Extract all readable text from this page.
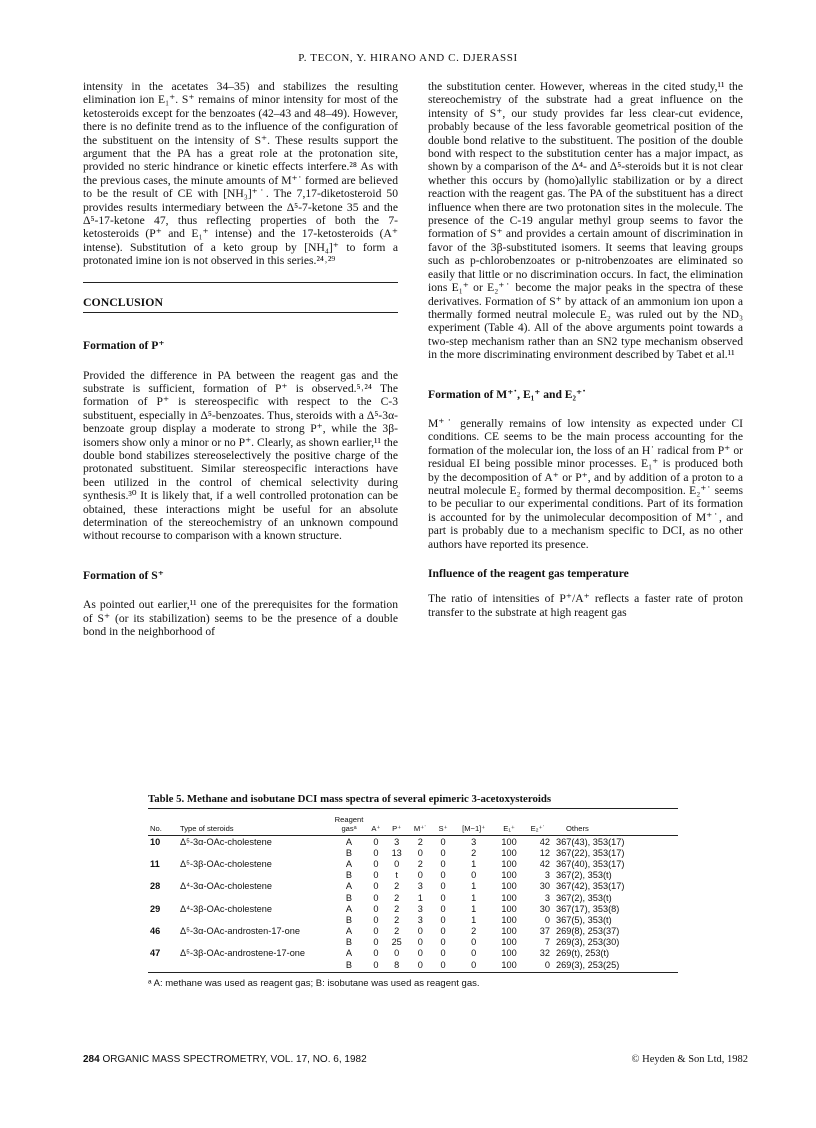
P. TECON, Y. HIRANO AND C. DJERASSI

intensity in the acetates 34–35) and stabilizes the resulting elimination ion E₁⁺. S⁺ remains of minor intensity for most of the ketosteroids except for the benzoates (42–43 and 48–49). However, there is no definite trend as to the influence of the configuration of the substituent on the intensity of S⁺. These results support the argument that the PA has a great role at the protonation site, provided no steric hindrance or kinetic effects interfere.²⁸ As with the previous cases, the minute amounts of M⁺˙ formed are believed to be the result of CE with [NH₃]⁺˙. The 7,17-diketosteroid 50 provides results intermediary between the Δ⁵-7-ketone 35 and the Δ⁵-17-ketone 47, thus reflecting properties of both the 7-ketosteroids (P⁺ and E₁⁺ intense) and the 17-ketosteroids (A⁺ intense). Substitution of a keto group by [NH₄]⁺ to form a protonated imine ion is not observed in this series.²⁴˒²⁹

CONCLUSION
Formation of P⁺

Provided the difference in PA between the reagent gas and the substrate is sufficient, formation of P⁺ is observed.⁵˒²⁴ The formation of P⁺ is stereospecific with respect to the C-3 substituent, especially in Δ⁵-benzoates. Thus, steroids with a Δ⁵-3α-benzoate group display a moderate to strong P⁺, while the 3β-isomers show only a minor or no P⁺. Clearly, as shown earlier,¹¹ the double bond stabilizes stereoselectively the positive charge of the protonated substituent. Similar stereospecific interactions have been utilized in the control of chemical selectivity during synthesis.³⁰ It is likely that, if a well controlled protonation can be obtained, these interactions might be useful for an absolute determination of the stereochemistry of an unknown compound without recourse to comparison with a known structure.

Formation of S⁺

As pointed out earlier,¹¹ one of the prerequisites for the formation of S⁺ (or its stabilization) seems to be the presence of a double bond in the neighborhood of

the substitution center. However, whereas in the cited study,¹¹ the stereochemistry of the substrate had a great influence on the intensity of S⁺, our study provides far less clear-cut evidence, probably because of the less favorable geometrical position of the double bond relative to the substituent. The position of the double bond with respect to the substitution center has a major impact, as shown by a comparison of the Δ⁴- and Δ⁵-steroids but it is not clear whether this occurs by (homo)allylic stabilization or by a direct reaction with the reagent gas. The PA of the substituent has a direct influence when there are two protonation sites in the molecule. The presence of the C-19 angular methyl group seems to favor the formation of S⁺ and provides a certain amount of discrimination in favor of the 3β-substituted isomers. It seems that leaving groups such as p-chlorobenzoates or p-nitrobenzoates are eliminated so easily that little or no discrimination occurs. In fact, the elimination ions E₁⁺ or E₂⁺˙ become the major peaks in the spectra of these derivatives. Formation of S⁺ by attack of an ammonium ion upon a thermally formed neutral molecule E₂ was ruled out by the ND₃ experiment (Table 4). All of the above arguments point towards a two-step mechanism rather than an SN2 type mechanism observed in the more discriminating environment described by Tabet et al.¹¹

Formation of M⁺˙, E₁⁺ and E₂⁺˙

M⁺˙ generally remains of low intensity as expected under CI conditions. CE seems to be the main process accounting for the formation of the molecular ion, the loss of an H˙ radical from P⁺ or residual EI being possible minor processes. E₁⁺ is produced both by the decomposition of A⁺ or P⁺, and by addition of a proton to a neutral molecule E₂ formed by thermal decomposition. E₂⁺˙ seems to be peculiar to our experimental conditions. Part of its formation is accounted for by the unimolecular decomposition of M⁺˙, and part is probably due to a mechanism specific to DCI, as no other authors have reported its presence.

Influence of the reagent gas temperature

The ratio of intensities of P⁺/A⁺ reflects a faster rate of proton transfer to the substrate at high reagent gas

Table 5. Methane and isobutane DCI mass spectra of several epimeric 3-acetoxysteroids
No.	Type of steroids	Reagent gasᵃ	A⁺	P⁺	M⁺˙	S⁺	[M−1]⁺	E₁⁺	E₂⁺˙	Others
10	Δ⁵-3α-OAc-cholestene	A	0	3	2	0	3	100	42	367(43), 353(17)
		B	0	13	0	0	2	100	12	367(22), 353(17)
11	Δ⁵-3β-OAc-cholestene	A	0	0	2	0	1	100	42	367(40), 353(17)
		B	0	t	0	0	0	100	3	367(2), 353(t)
28	Δ⁴-3α-OAc-cholestene	A	0	2	3	0	1	100	30	367(42), 353(17)
		B	0	2	1	0	1	100	3	367(2), 353(t)
29	Δ⁴-3β-OAc-cholestene	A	0	2	3	0	1	100	30	367(17), 353(8)
		B	0	2	3	0	1	100	0	367(5), 353(t)
46	Δ⁵-3α-OAc-androsten-17-one	A	0	2	0	0	2	100	37	269(8), 253(37)
		B	0	25	0	0	0	100	7	269(3), 253(30)
47	Δ⁵-3β-OAc-androstene-17-one	A	0	0	0	0	0	100	32	269(t), 253(t)
		B	0	8	0	0	0	100	0	269(3), 253(25)
ᵃ A: methane was used as reagent gas; B: isobutane was used as reagent gas.
284 ORGANIC MASS SPECTROMETRY, VOL. 17, NO. 6, 1982	© Heyden & Son Ltd, 1982
